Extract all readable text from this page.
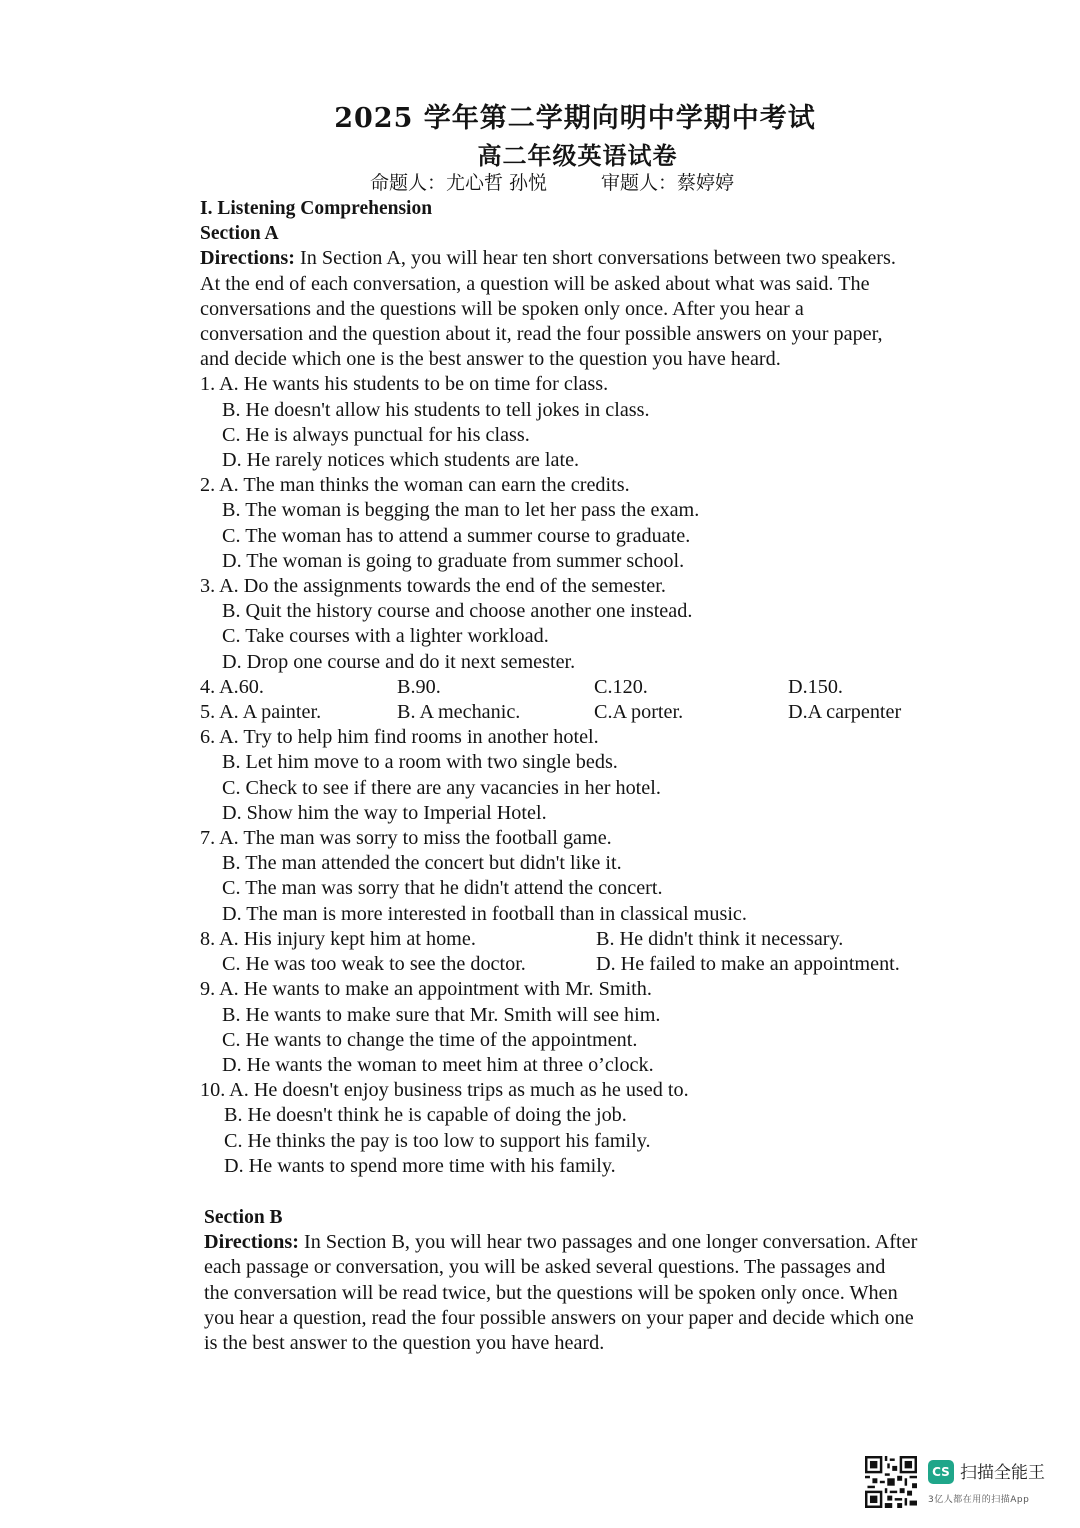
2025 学年第二学期向明中学期中考试
高二年级英语试卷
命题人：尤心哲 孙悦	审题人：蔡婷婷
I. Listening Comprehension
Section A
Directions: In Section A, you will hear ten short conversations between two speakers.
At the end of each conversation, a question will be asked about what was said. The
conversations and the questions will be spoken only once. After you hear a
conversation and the question about it, read the four possible answers on your paper,
and decide which one is the best answer to the question you have heard.
1. A. He wants his students to be on time for class.
B. He doesn't allow his students to tell jokes in class.
C. He is always punctual for his class.
D. He rarely notices which students are late.
2. A. The man thinks the woman can earn the credits.
B. The woman is begging the man to let her pass the exam.
C. The woman has to attend a summer course to graduate.
D. The woman is going to graduate from summer school.
3. A. Do the assignments towards the end of the semester.
B. Quit the history course and choose another one instead.
C. Take courses with a lighter workload.
D. Drop one course and do it next semester.
4. A.60.	B.90.	C.120.	D.150.
5. A. A painter.	B. A mechanic.	C.A porter.	D.A carpenter
6. A. Try to help him find rooms in another hotel.
B. Let him move to a room with two single beds.
C. Check to see if there are any vacancies in her hotel.
D. Show him the way to Imperial Hotel.
7. A. The man was sorry to miss the football game.
B. The man attended the concert but didn't like it.
C. The man was sorry that he didn't attend the concert.
D. The man is more interested in football than in classical music.
8. A. His injury kept him at home.	B. He didn't think it necessary.
C. He was too weak to see the doctor.	D. He failed to make an appointment.
9. A. He wants to make an appointment with Mr. Smith.
B. He wants to make sure that Mr. Smith will see him.
C. He wants to change the time of the appointment.
D. He wants the woman to meet him at three o’clock.
10. A. He doesn't enjoy business trips as much as he used to.
B. He doesn't think he is capable of doing the job.
C. He thinks the pay is too low to support his family.
D. He wants to spend more time with his family.
Section B
Directions: In Section B, you will hear two passages and one longer conversation. After
each passage or conversation, you will be asked several questions. The passages and
the conversation will be read twice, but the questions will be spoken only once. When
you hear a question, read the four possible answers on your paper and decide which one
is the best answer to the question you have heard.
CS 扫描全能王
3亿人都在用的扫描App
